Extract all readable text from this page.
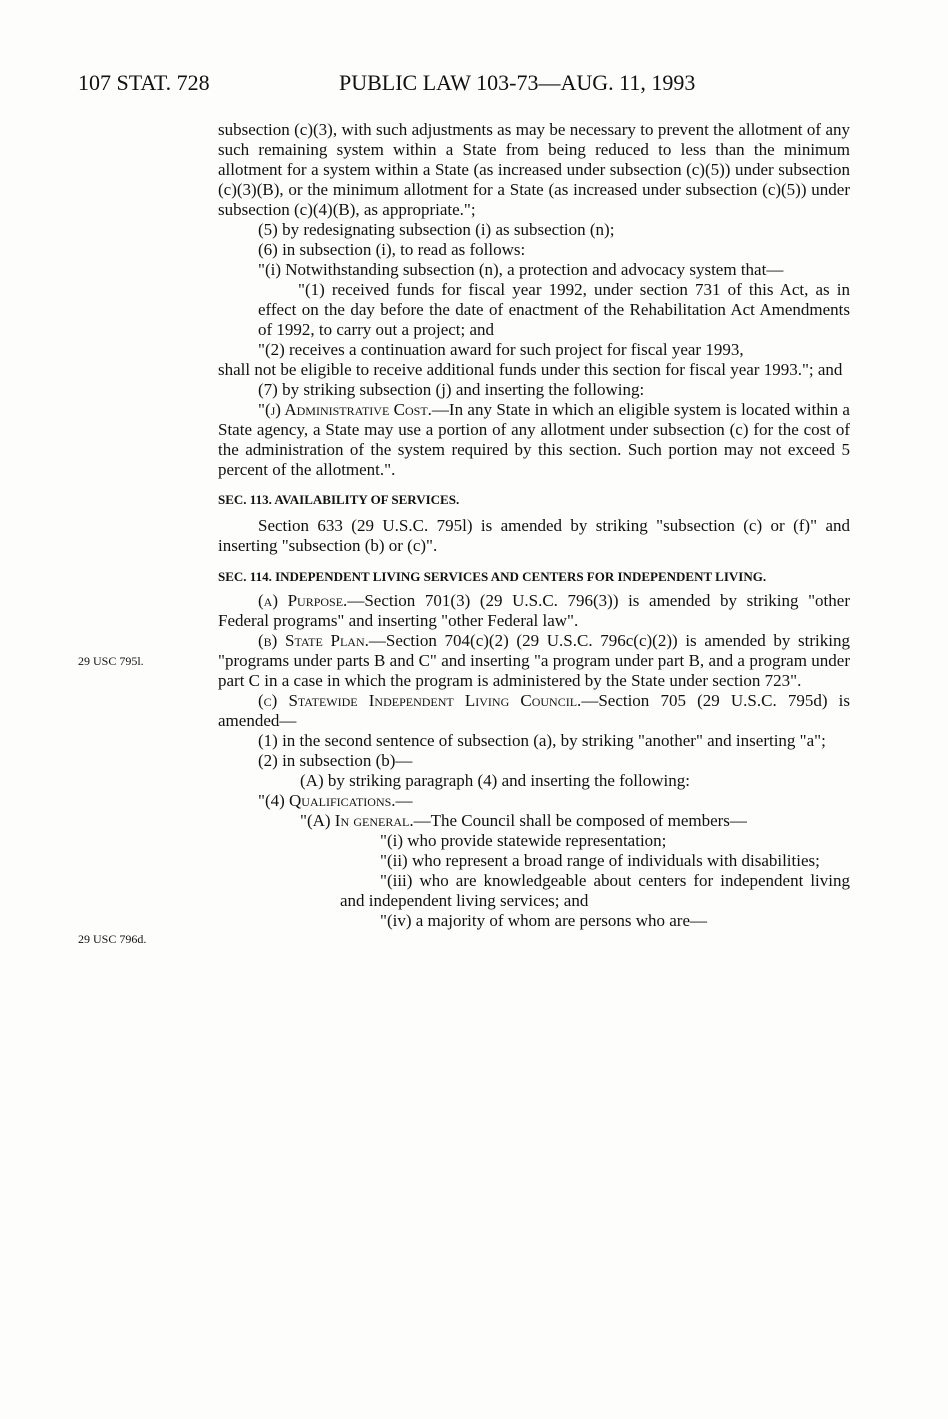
107 STAT. 728	PUBLIC LAW 103-73—AUG. 11, 1993
29 USC 795l.
29 USC 796d.

subsection (c)(3), with such adjustments as may be necessary to prevent the allotment of any such remaining system within a State from being reduced to less than the minimum allotment for a system within a State (as increased under subsection (c)(5)) under subsection (c)(3)(B), or the minimum allotment for a State (as increased under subsection (c)(5)) under subsection (c)(4)(B), as appropriate.";

(5) by redesignating subsection (i) as subsection (n);

(6) in subsection (i), to read as follows:

"(i) Notwithstanding subsection (n), a protection and advocacy system that—

"(1) received funds for fiscal year 1992, under section 731 of this Act, as in effect on the day before the date of enactment of the Rehabilitation Act Amendments of 1992, to carry out a project; and

"(2) receives a continuation award for such project for fiscal year 1993,

shall not be eligible to receive additional funds under this section for fiscal year 1993."; and

(7) by striking subsection (j) and inserting the following:

"(j) Administrative Cost.—In any State in which an eligible system is located within a State agency, a State may use a portion of any allotment under subsection (c) for the cost of the administration of the system required by this section. Such portion may not exceed 5 percent of the allotment.".

SEC. 113. AVAILABILITY OF SERVICES.

Section 633 (29 U.S.C. 795l) is amended by striking "subsection (c) or (f)" and inserting "subsection (b) or (c)".

SEC. 114. INDEPENDENT LIVING SERVICES AND CENTERS FOR INDEPENDENT LIVING.

(a) Purpose.—Section 701(3) (29 U.S.C. 796(3)) is amended by striking "other Federal programs" and inserting "other Federal law".

(b) State Plan.—Section 704(c)(2) (29 U.S.C. 796c(c)(2)) is amended by striking "programs under parts B and C" and inserting "a program under part B, and a program under part C in a case in which the program is administered by the State under section 723".

(c) Statewide Independent Living Council.—Section 705 (29 U.S.C. 795d) is amended—

(1) in the second sentence of subsection (a), by striking "another" and inserting "a";

(2) in subsection (b)—

(A) by striking paragraph (4) and inserting the following:

"(4) Qualifications.—

"(A) In general.—The Council shall be composed of members—

"(i) who provide statewide representation;

"(ii) who represent a broad range of individuals with disabilities;

"(iii) who are knowledgeable about centers for independent living and independent living services; and

"(iv) a majority of whom are persons who are—
